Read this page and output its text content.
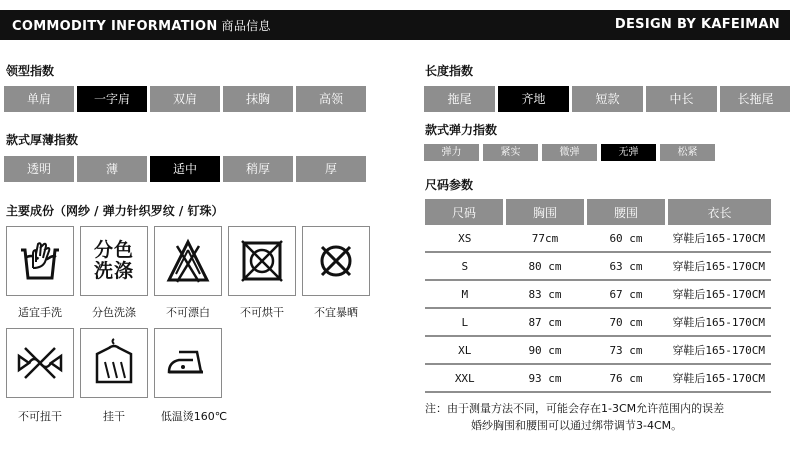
COMMODITY INFORMATION 商品信息	DESIGN BY KAFEIMAN
领型指数
单肩	一字肩	双肩	抹胸	高领
款式厚薄指数
透明	薄	适中	稍厚	厚
主要成份（网纱 / 弹力针织罗纹 / 钉珠）
分色
洗涤
适宜手洗	分色洗涤	不可漂白	不可烘干	不宜暴晒
不可扭干	挂干	低温烫160℃
长度指数
拖尾	齐地	短款	中长	长拖尾
款式弹力指数
弹力	紧实	微弹	无弹	松紧
尺码参数
尺码	胸围	腰围	衣长
XS	77cm	60 cm	穿鞋后165-170CM
S	80 cm	63 cm	穿鞋后165-170CM
M	83 cm	67 cm	穿鞋后165-170CM
L	87 cm	70 cm	穿鞋后165-170CM
XL	90 cm	73 cm	穿鞋后165-170CM
XXL	93 cm	76 cm	穿鞋后165-170CM
注：由于测量方法不同，可能会存在1-3CM允许范围内的误差
婚纱胸围和腰围可以通过绑带调节3-4CM。
